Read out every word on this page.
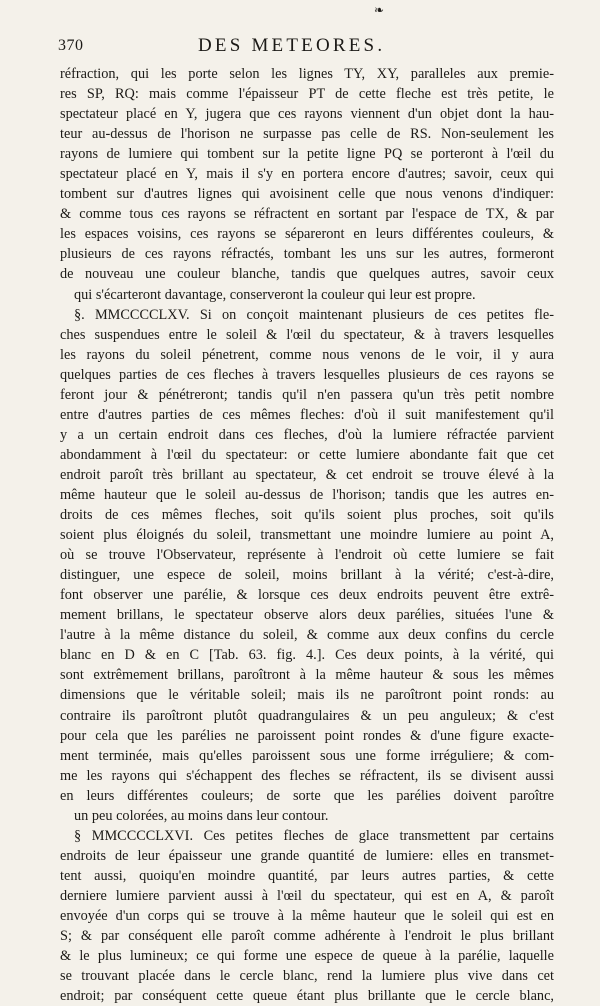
❧
370	DES METEORES.
réfraction, qui les porte selon les lignes TY, XY, paralleles aux premie-
res SP, RQ: mais comme l'épaisseur PT de cette fleche est très petite, le
spectateur placé en Y, jugera que ces rayons viennent d'un objet dont la hau-
teur au-dessus de l'horison ne surpasse pas celle de RS. Non-seulement les
rayons de lumiere qui tombent sur la petite ligne PQ se porteront à l'œil du
spectateur placé en Y, mais il s'y en portera encore d'autres; savoir, ceux qui
tombent sur d'autres lignes qui avoisinent celle que nous venons d'indiquer:
& comme tous ces rayons se réfractent en sortant par l'espace de TX, & par
les espaces voisins, ces rayons se sépareront en leurs différentes couleurs, &
plusieurs de ces rayons réfractés, tombant les uns sur les autres, formeront
de nouveau une couleur blanche, tandis que quelques autres, savoir ceux
qui s'écarteront davantage, conserveront la couleur qui leur est propre.
§. MMCCCCLXV. Si on conçoit maintenant plusieurs de ces petites fle-
ches suspendues entre le soleil & l'œil du spectateur, & à travers lesquelles
les rayons du soleil pénetrent, comme nous venons de le voir, il y aura
quelques parties de ces fleches à travers lesquelles plusieurs de ces rayons se
feront jour & pénétreront; tandis qu'il n'en passera qu'un très petit nombre
entre d'autres parties de ces mêmes fleches: d'où il suit manifestement qu'il
y a un certain endroit dans ces fleches, d'où la lumiere réfractée parvient
abondamment à l'œil du spectateur: or cette lumiere abondante fait que cet
endroit paroît très brillant au spectateur, & cet endroit se trouve élevé à la
même hauteur que le soleil au-dessus de l'horison; tandis que les autres en-
droits de ces mêmes fleches, soit qu'ils soient plus proches, soit qu'ils
soient plus éloignés du soleil, transmettant une moindre lumiere au point A,
où se trouve l'Observateur, représente à l'endroit où cette lumiere se fait
distinguer, une espece de soleil, moins brillant à la vérité; c'est-à-dire,
font observer une parélie, & lorsque ces deux endroits peuvent être extrê-
mement brillans, le spectateur observe alors deux parélies, situées l'une &
l'autre à la même distance du soleil, & comme aux deux confins du cercle
blanc en D & en C [Tab. 63. fig. 4.]. Ces deux points, à la vérité, qui
sont extrêmement brillans, paroîtront à la même hauteur & sous les mêmes
dimensions que le véritable soleil; mais ils ne paroîtront point ronds: au
contraire ils paroîtront plutôt quadrangulaires & un peu anguleux; & c'est
pour cela que les parélies ne paroissent point rondes & d'une figure exacte-
ment terminée, mais qu'elles paroissent sous une forme irréguliere; & com-
me les rayons qui s'échappent des fleches se réfractent, ils se divisent aussi
en leurs différentes couleurs; de sorte que les parélies doivent paroître
un peu colorées, au moins dans leur contour.
§ MMCCCCLXVI. Ces petites fleches de glace transmettent par certains
endroits de leur épaisseur une grande quantité de lumiere: elles en transmet-
tent aussi, quoiqu'en moindre quantité, par leurs autres parties, & cette
derniere lumiere parvient aussi à l'œil du spectateur, qui est en A, & paroît
envoyée d'un corps qui se trouve à la même hauteur que le soleil qui est en
S; & par conséquent elle paroît comme adhérente à l'endroit le plus brillant
& le plus lumineux; ce qui forme une espece de queue à la parélie, laquelle
se trouvant placée dans le cercle blanc, rend la lumiere plus vive dans cet
endroit; par conséquent cette queue étant plus brillante que le cercle blanc,
